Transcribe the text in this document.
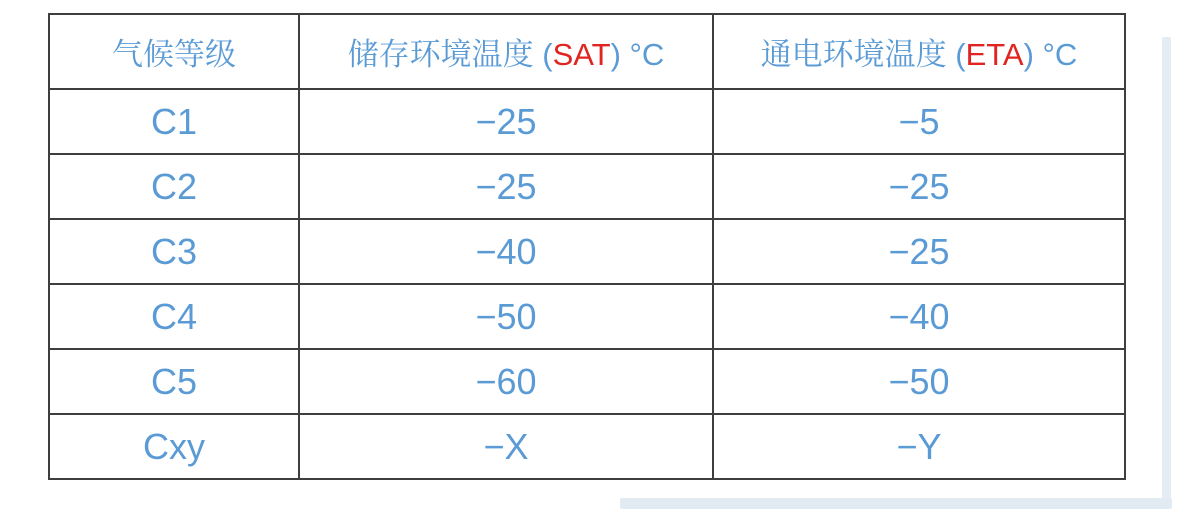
气候等级	储存环境温度 (SAT) °C	通电环境温度 (ETA) °C
C1	−25	−5
C2	−25	−25
C3	−40	−25
C4	−50	−40
C5	−60	−50
Cxy	−X	−Y
